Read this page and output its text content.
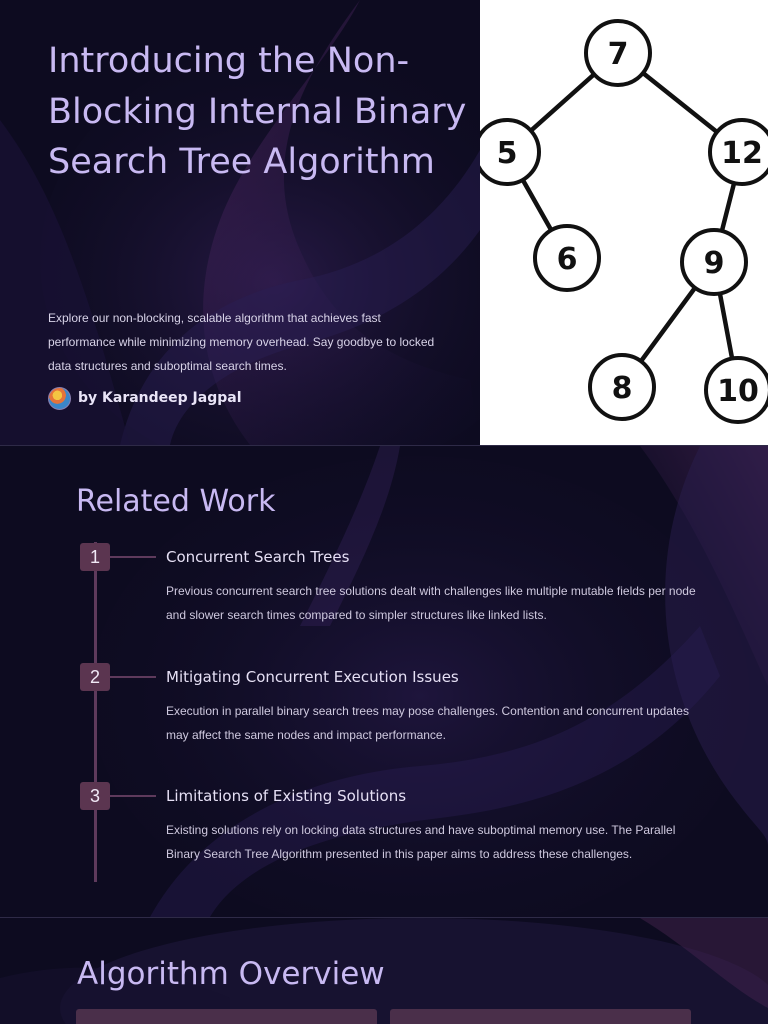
Introducing the Non-Blocking Internal Binary Search Tree Algorithm

Explore our non-blocking, scalable algorithm that achieves fast performance while minimizing memory overhead. Say goodbye to locked data structures and suboptimal search times.

by Karandeep Jagpal
7
5	12
6	9
8	10
Related Work
1	Concurrent Search Trees

Previous concurrent search tree solutions dealt with challenges like multiple mutable fields per node and slower search times compared to simpler structures like linked lists.

2	Mitigating Concurrent Execution Issues

Execution in parallel binary search trees may pose challenges. Contention and concurrent updates may affect the same nodes and impact performance.

3	Limitations of Existing Solutions

Existing solutions rely on locking data structures and have suboptimal memory use. The Parallel Binary Search Tree Algorithm presented in this paper aims to address these challenges.

Algorithm Overview
